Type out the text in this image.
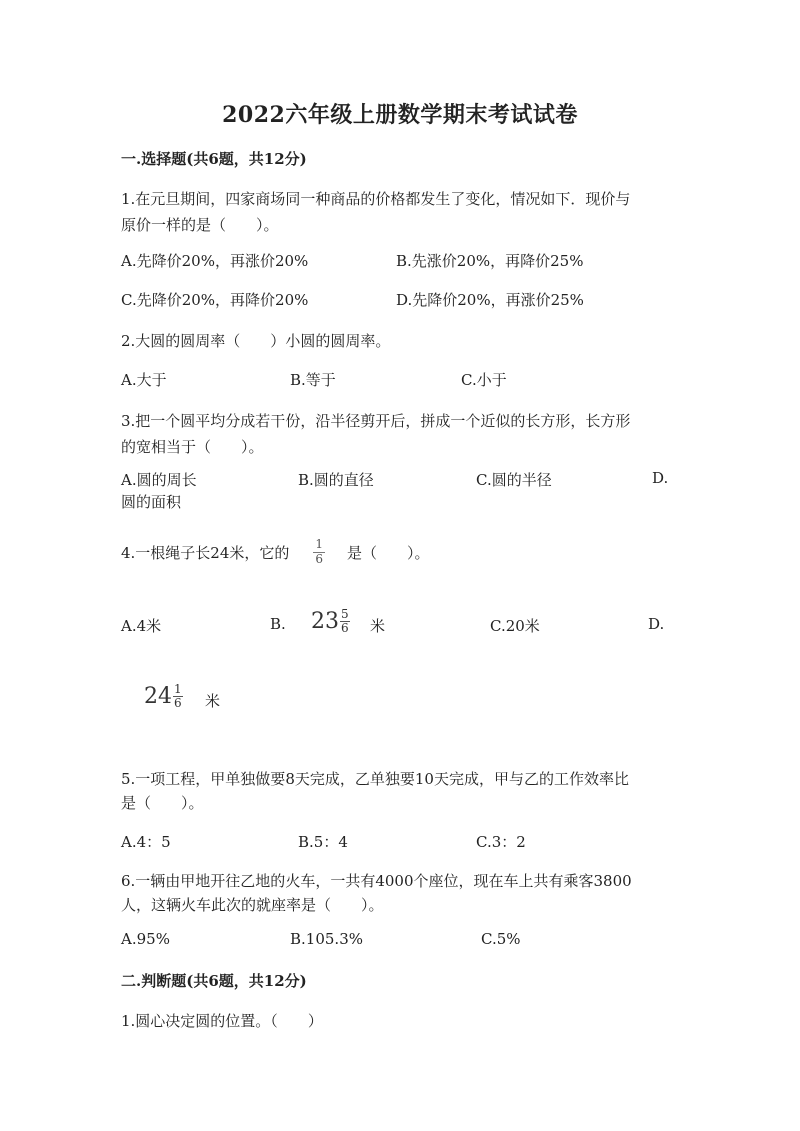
2022六年级上册数学期末考试试卷
一.选择题(共6题，共12分)
1.在元旦期间，四家商场同一种商品的价格都发生了变化，情况如下．现价与
原价一样的是（　　）。
A.先降价20%，再涨价20%	B.先涨价20%，再降价25%
C.先降价20%，再降价20%	D.先降价20%，再涨价25%
2.大圆的圆周率（　　）小圆的圆周率。
A.大于	B.等于	C.小于
3.把一个圆平均分成若干份，沿半径剪开后，拼成一个近似的长方形，长方形
的宽相当于（　　）。
A.圆的周长	B.圆的直径	C.圆的半径	D.
圆的面积
4.一根绳子长24米，它的 $\frac{1}{6}$ 是（　　）。
A.4米	B. $23 \frac{5}{6}$ 米	C.20米	D.
$24 \frac{1}{6}$ 米
5.一项工程，甲单独做要8天完成，乙单独要10天完成，甲与乙的工作效率比
是（　　）。
A.4：5	B.5：4	C.3：2
6.一辆由甲地开往乙地的火车，一共有4000个座位，现在车上共有乘客3800
人，这辆火车此次的就座率是（　　）。
A.95%	B.105.3%	C.5%
二.判断题(共6题，共12分)
1.圆心决定圆的位置。（　　）
